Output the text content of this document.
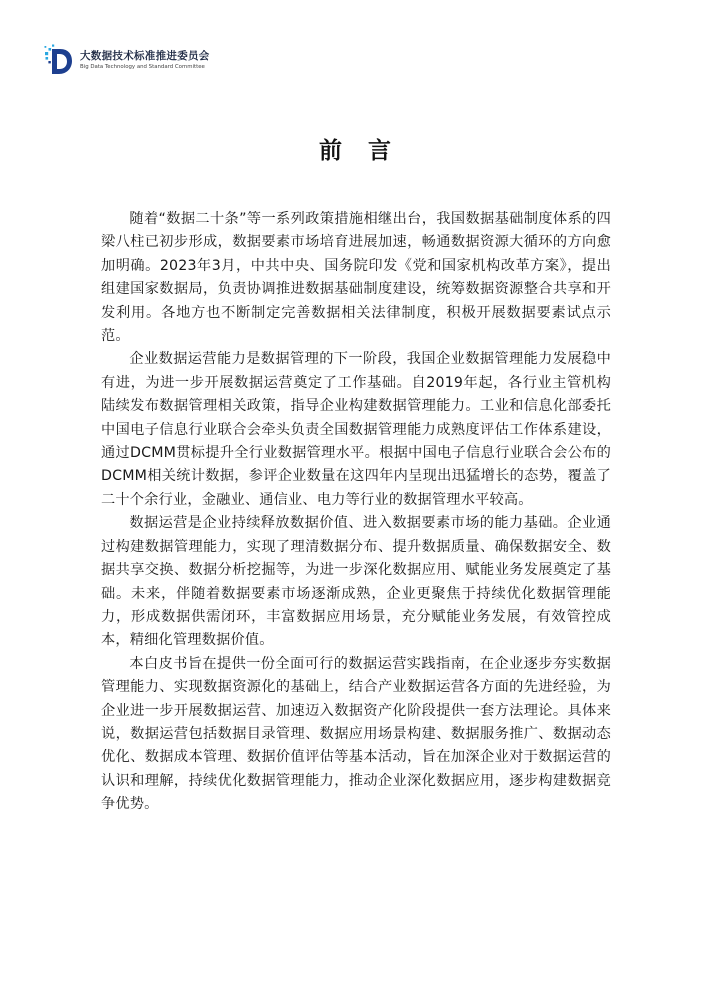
大数据技术标准推进委员会
Big Data Technology and Standard Committee
前言

随着“数据二十条”等一系列政策措施相继出台，我国数据基础制度体系的四梁八柱已初步形成，数据要素市场培育进展加速，畅通数据资源大循环的方向愈加明确。2023年3月，中共中央、国务院印发《党和国家机构改革方案》，提出组建国家数据局，负责协调推进数据基础制度建设，统筹数据资源整合共享和开发利用。各地方也不断制定完善数据相关法律制度，积极开展数据要素试点示范。

企业数据运营能力是数据管理的下一阶段，我国企业数据管理能力发展稳中有进，为进一步开展数据运营奠定了工作基础。自2019年起，各行业主管机构陆续发布数据管理相关政策，指导企业构建数据管理能力。工业和信息化部委托中国电子信息行业联合会牵头负责全国数据管理能力成熟度评估工作体系建设，通过DCMM贯标提升全行业数据管理水平。根据中国电子信息行业联合会公布的DCMM相关统计数据，参评企业数量在这四年内呈现出迅猛增长的态势，覆盖了二十个余行业，金融业、通信业、电力等行业的数据管理水平较高。

数据运营是企业持续释放数据价值、进入数据要素市场的能力基础。企业通过构建数据管理能力，实现了理清数据分布、提升数据质量、确保数据安全、数据共享交换、数据分析挖掘等，为进一步深化数据应用、赋能业务发展奠定了基础。未来，伴随着数据要素市场逐渐成熟，企业更聚焦于持续优化数据管理能力，形成数据供需闭环，丰富数据应用场景，充分赋能业务发展，有效管控成本，精细化管理数据价值。

本白皮书旨在提供一份全面可行的数据运营实践指南，在企业逐步夯实数据管理能力、实现数据资源化的基础上，结合产业数据运营各方面的先进经验，为企业进一步开展数据运营、加速迈入数据资产化阶段提供一套方法理论。具体来说，数据运营包括数据目录管理、数据应用场景构建、数据服务推广、数据动态优化、数据成本管理、数据价值评估等基本活动，旨在加深企业对于数据运营的认识和理解，持续优化数据管理能力，推动企业深化数据应用，逐步构建数据竞争优势。
